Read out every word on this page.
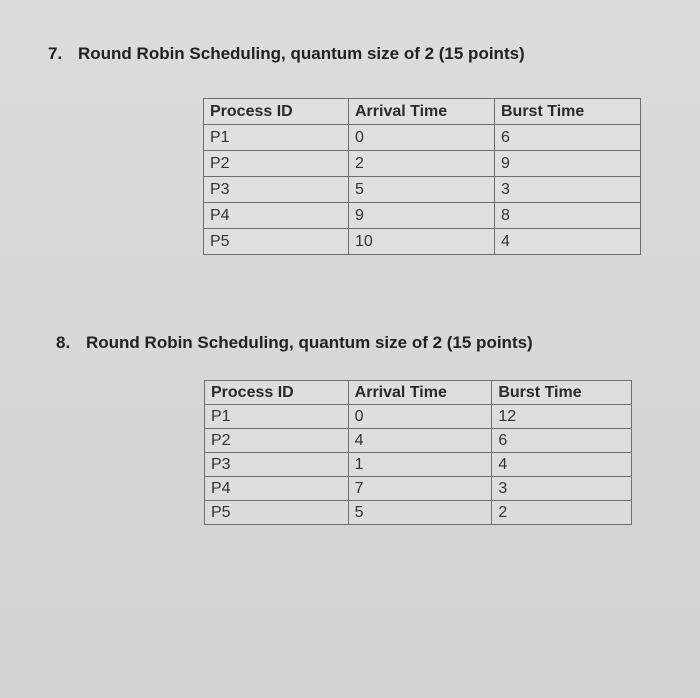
7. Round Robin Scheduling, quantum size of 2 (15 points)
Process ID	Arrival Time	Burst Time
P1	0	6
P2	2	9
P3	5	3
P4	9	8
P5	10	4
8. Round Robin Scheduling, quantum size of 2 (15 points)
Process ID	Arrival Time	Burst Time
P1	0	12
P2	4	6
P3	1	4
P4	7	3
P5	5	2
